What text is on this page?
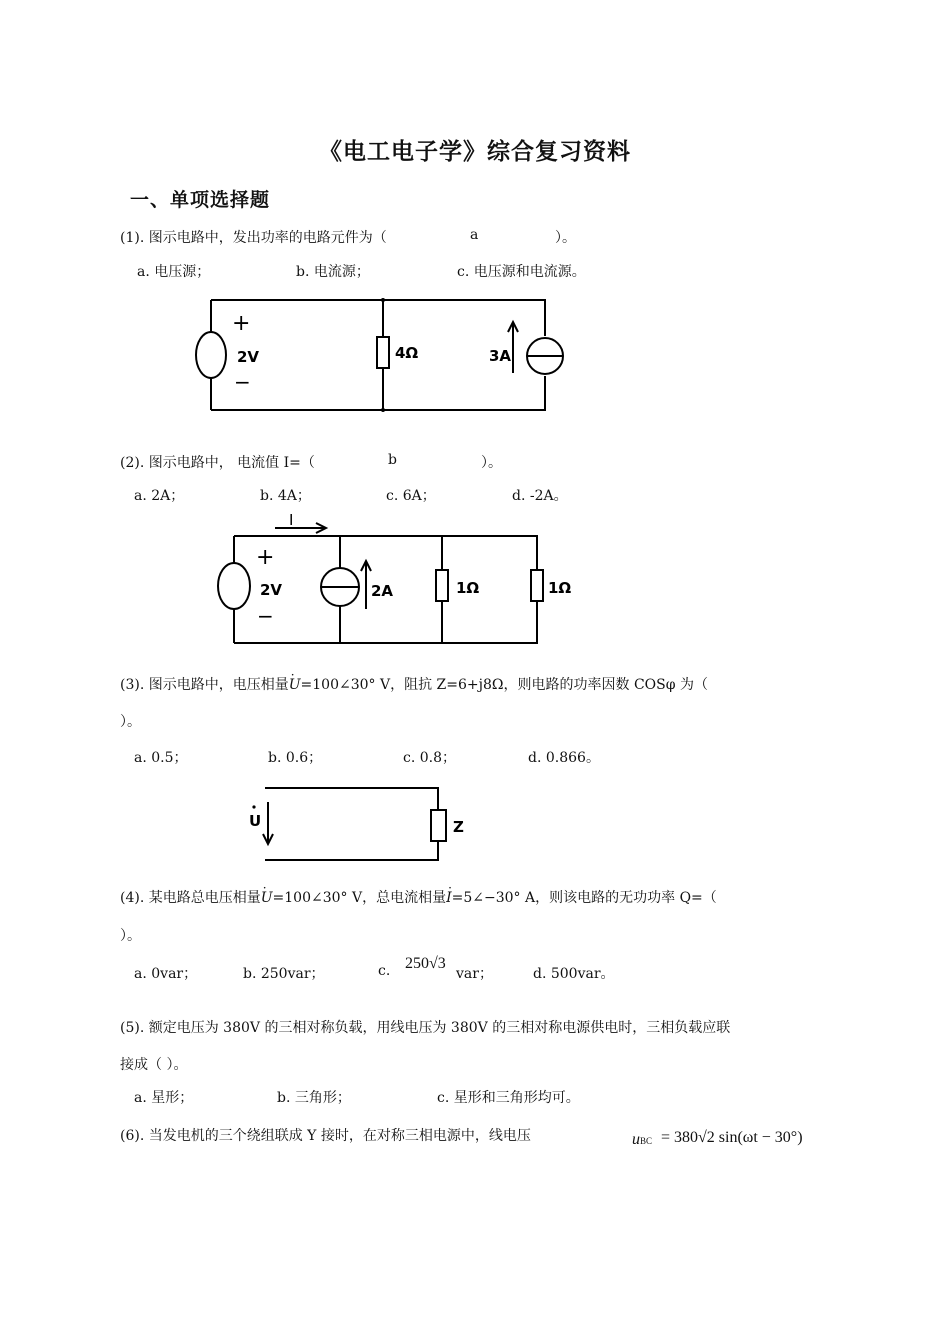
《电工电子学》综合复习资料
一、单项选择题
(1). 图示电路中，发出功率的电路元件为（	a	）。
a. 电压源；	b. 电流源；	c. 电压源和电流源。
+
2V
−
4Ω	3A
(2). 图示电路中， 电流值 I=（	b	）。
a. 2A；	b. 4A；	c. 6A；	d. -2A。
I
+
2V
−
2A	1Ω	1Ω
(3). 图示电路中，电压相量· U=100∠30° V，阻抗 Z=6+j8Ω，则电路的功率因数 COSφ 为（
）。
a. 0.5；	b. 0.6；	c. 0.8；	d. 0.866。
U	Z
(4). 某电路总电压相量· U=100∠30° V，总电流相量· I=5∠−30° A，则该电路的无功功率 Q=（
）。
a. 0var；	b. 250var；	c. 250√3
var；	d. 500var。
(5). 额定电压为 380V 的三相对称负载，用线电压为 380V 的三相对称电源供电时，三相负载应联
接成（ ）。
a. 星形；	b. 三角形；	c. 星形和三角形均可。
(6). 当发电机的三个绕组联成 Y 接时，在对称三相电源中，线电压	uBC = 380√2 sin(ωt − 30°)
